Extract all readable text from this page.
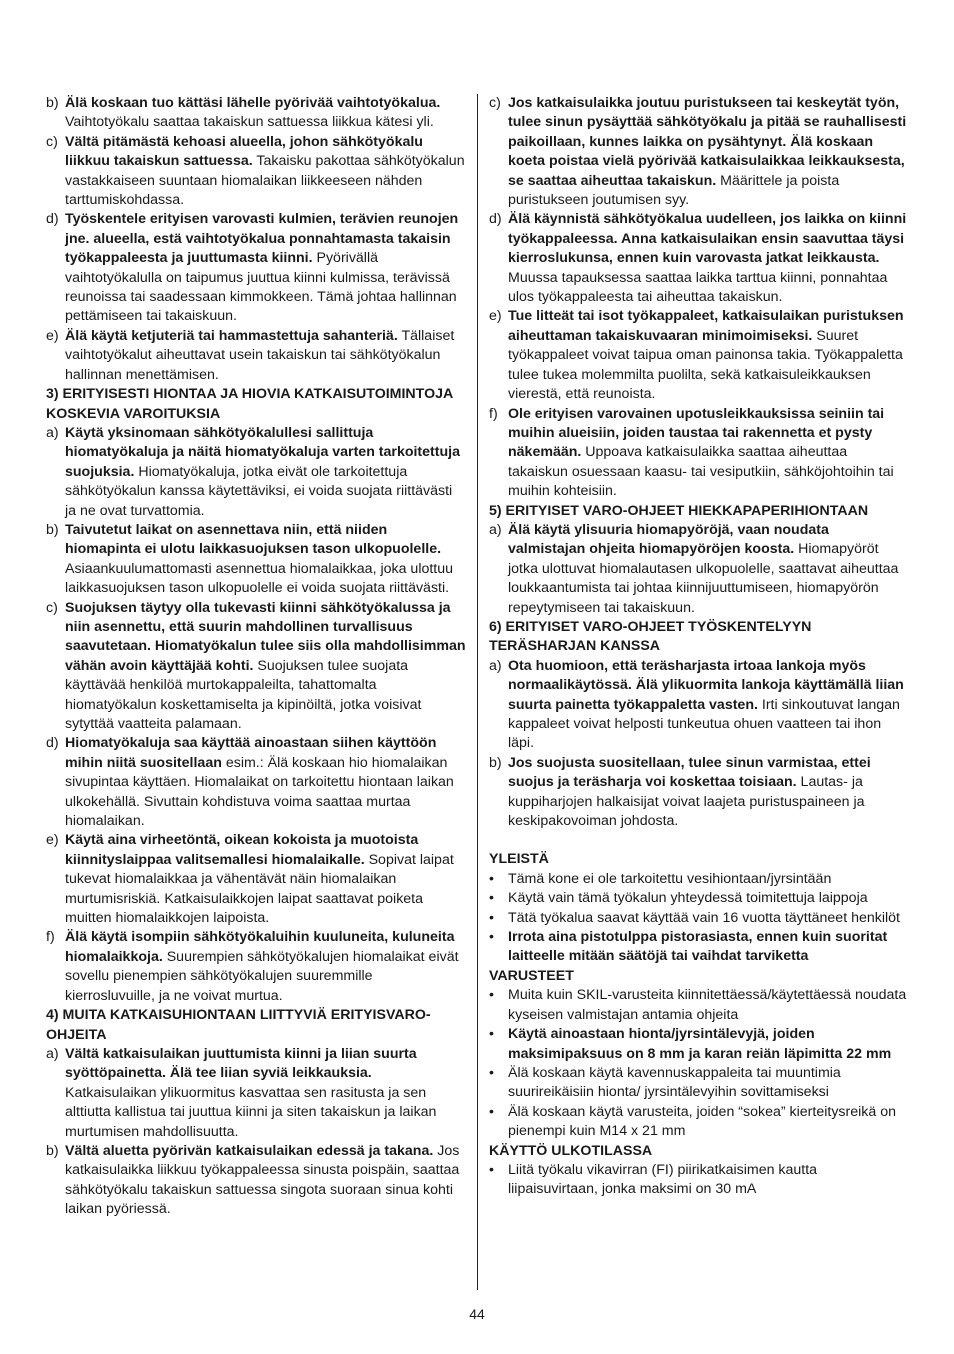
b) Älä koskaan tuo kättäsi lähelle pyörivää vaihtotyökalua. Vaihtotyökalu saattaa takaiskun sattuessa liikkua kätesi yli.
c) Vältä pitämästä kehoasi alueella, johon sähkötyökalu liikkuu takaiskun sattuessa. Takaisku pakottaa sähkötyökalun vastakkaiseen suuntaan hiomalaikan liikkeeseen nähden tarttumiskohdassa.
d) Työskentele erityisen varovasti kulmien, terävien reunojen jne. alueella, estä vaihtotyökalua ponnahtamasta takaisin työkappaleesta ja juuttumasta kiinni. Pyörivällä vaihtotyökalulla on taipumus juuttua kiinni kulmissa, terävissä reunoissa tai saadessaan kimmokkeen. Tämä johtaa hallinnan pettämiseen tai takaiskuun.
e) Älä käytä ketjuteriä tai hammastettuja sahanteriä. Tällaiset vaihtotyökalut aiheuttavat usein takaiskun tai sähkötyökalun hallinnan menettämisen.
3) ERITYISESTI HIONTAA JA HIOVIA KATKAISUTOIMINTOJA KOSKEVIA VAROITUKSIA
a) Käytä yksinomaan sähkötyökalullesi sallittuja hiomatyökaluja ja näitä hiomatyökaluja varten tarkoitettuja suojuksia. Hiomatyökaluja, jotka eivät ole tarkoitettuja sähkötyökalun kanssa käytettäviksi, ei voida suojata riittävästi ja ne ovat turvattomia.
b) Taivutetut laikat on asennettava niin, että niiden hiomapinta ei ulotu laikkasuojuksen tason ulkopuolelle. Asiaankuulumattomasti asennettua hiomalaikkaa, joka ulottuu laikkasuojuksen tason ulkopuolelle ei voida suojata riittävästi.
c) Suojuksen täytyy olla tukevasti kiinni sähkötyökalussa ja niin asennettu, että suurin mahdollinen turvallisuus saavutetaan. Hiomatyökalun tulee siis olla mahdollisimman vähän avoin käyttäjää kohti. Suojuksen tulee suojata käyttävää henkilöä murtokappaleilta, tahattomalta hiomatyökalun koskettamiselta ja kipinöiltä, jotka voisivat sytyttää vaatteita palamaan.
d) Hiomatyökaluja saa käyttää ainoastaan siihen käyttöön mihin niitä suositellaan esim.: Älä koskaan hio hiomalaikan sivupintaa käyttäen. Hiomalaikat on tarkoitettu hiontaan laikan ulkokehällä. Sivuttain kohdistuva voima saattaa murtaa hiomalaikan.
e) Käytä aina virheetöntä, oikean kokoista ja muotoista kiinnityslaippaa valitsemallesi hiomalaikalle. Sopivat laipat tukevat hiomalaikkaa ja vähentävät näin hiomalaikan murtumisriskiä. Katkaisulaikkojen laipat saattavat poiketa muitten hiomalaikkojen laipoista.
f) Älä käytä isompiin sähkötyökaluihin kuuluneita, kuluneita hiomalaikkoja. Suurempien sähkötyökalujen hiomalaikat eivät sovellu pienempien sähkötyökalujen suuremmille kierrosluvuille, ja ne voivat murtua.
4) MUITA KATKAISUHIONTAAN LIITTYVIÄ ERITYISVARO-OHJEITA
a) Vältä katkaisulaikan juuttumista kiinni ja liian suurta syöttöpainetta. Älä tee liian syviä leikkauksia. Katkaisulaikan ylikuormitus kasvattaa sen rasitusta ja sen alttiutta kallistua tai juuttua kiinni ja siten takaiskun ja laikan murtumisen mahdollisuutta.
b) Vältä aluetta pyörivän katkaisulaikan edessä ja takana. Jos katkaisulaikka liikkuu työkappaleessa sinusta poispäin, saattaa sähkötyökalu takaiskun sattuessa singota suoraan sinua kohti laikan pyöriessä.
c) Jos katkaisulaikka joutuu puristukseen tai keskeytät työn, tulee sinun pysäyttää sähkötyökalu ja pitää se rauhallisesti paikoillaan, kunnes laikka on pysähtynyt. Älä koskaan koeta poistaa vielä pyörivää katkaisulaikkaa leikkauksesta, se saattaa aiheuttaa takaiskun. Määrittele ja poista puristukseen joutumisen syy.
d) Älä käynnistä sähkötyökalua uudelleen, jos laikka on kiinni työkappaleessa. Anna katkaisulaikan ensin saavuttaa täysi kierroslukunsa, ennen kuin varovasta jatkat leikkausta. Muussa tapauksessa saattaa laikka tarttua kiinni, ponnahtaa ulos työkappaleesta tai aiheuttaa takaiskun.
e) Tue litteät tai isot työkappaleet, katkaisulaikan puristuksen aiheuttaman takaiskuvaaran minimoimiseksi. Suuret työkappaleet voivat taipua oman painonsa takia. Työkappaletta tulee tukea molemmilta puolilta, sekä katkaisuleikkauksen vierestä, että reunoista.
f) Ole erityisen varovainen upotusleikkauksissa seiniin tai muihin alueisiin, joiden taustaa tai rakennetta et pysty näkemään. Uppoava katkaisulaikka saattaa aiheuttaa takaiskun osuessaan kaasu- tai vesiputkiin, sähköjohtoihin tai muihin kohteisiin.
5) ERITYISET VARO-OHJEET HIEKKAPAPERIHIONTAAN
a) Älä käytä ylisuuria hiomapyöröjä, vaan noudata valmistajan ohjeita hiomapyöröjen koosta. Hiomapyöröt jotka ulottuvat hiomalautasen ulkopuolelle, saattavat aiheuttaa loukkaantumista tai johtaa kiinnijuuttumiseen, hiomapyörön repeytymiseen tai takaiskuun.
6) ERITYISET VARO-OHJEET TYÖSKENTELYYN TERÄSHARJAN KANSSA
a) Ota huomioon, että teräsharjasta irtoaa lankoja myös normaalikäytössä. Älä ylikuormita lankoja käyttämällä liian suurta painetta työkappaletta vasten. Irti sinkoutuvat langan kappaleet voivat helposti tunkeutua ohuen vaatteen tai ihon läpi.
b) Jos suojusta suositellaan, tulee sinun varmistaa, ettei suojus ja teräsharja voi koskettaa toisiaan. Lautas- ja kuppiharjojen halkaisijat voivat laajeta puristuspaineen ja keskipakovoiman johdosta.
YLEISTÄ
• Tämä kone ei ole tarkoitettu vesihiontaan/jyrsintään
• Käytä vain tämä työkalun yhteydessä toimitettuja laippoja
• Tätä työkalua saavat käyttää vain 16 vuotta täyttäneet henkilöt
• Irrota aina pistotulppa pistorasiasta, ennen kuin suoritat laitteelle mitään säätöjä tai vaihdat tarviketta
VARUSTEET
• Muita kuin SKIL-varusteita kiinnitettäessä/käytettäessä noudata kyseisen valmistajan antamia ohjeita
• Käytä ainoastaan hionta/jyrsintälevyjä, joiden maksimipaksuus on 8 mm ja karan reiän läpimitta 22 mm
• Älä koskaan käytä kavennuskappaleita tai muuntimia suurireikäisiin hionta/ jyrsintälevyihin sovittamiseksi
• Älä koskaan käytä varusteita, joiden “sokea” kierteitysreikä on pienempi kuin M14 x 21 mm
KÄYTTÖ ULKOTILASSA
• Liitä työkalu vikavirran (FI) piirikatkaisimen kautta liipaisuvirtaan, jonka maksimi on 30 mA
44
